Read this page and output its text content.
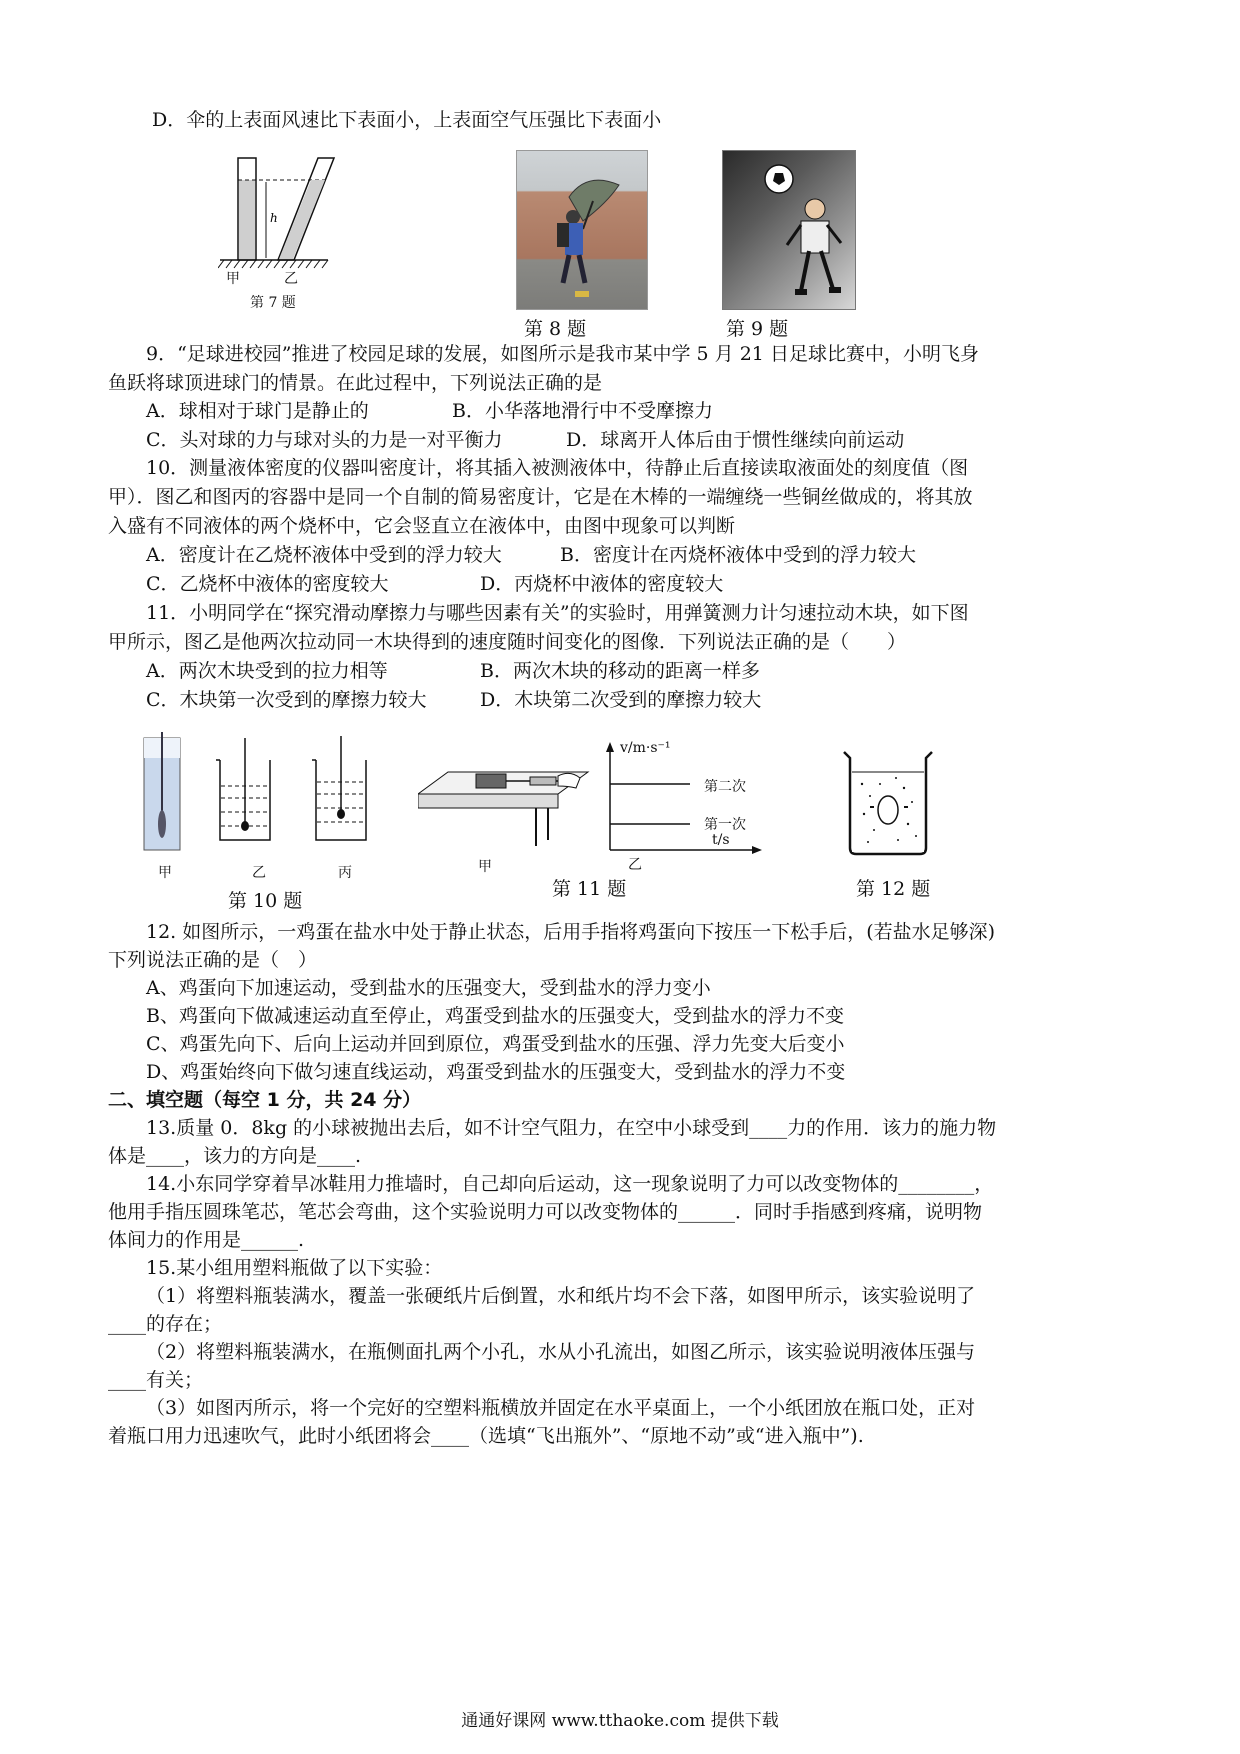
D．伞的上表面风速比下表面小，上表面空气压强比下表面小
h
甲	乙
第 7 题
第 8 题	第 9 题
9．“足球进校园”推进了校园足球的发展，如图所示是我市某中学 5 月 21 日足球比赛中，小明飞身
鱼跃将球顶进球门的情景。在此过程中，下列说法正确的是
A．球相对于球门是静止的	B．小华落地滑行中不受摩擦力
C．头对球的力与球对头的力是一对平衡力	D．球离开人体后由于惯性继续向前运动
10．测量液体密度的仪器叫密度计，将其插入被测液体中，待静止后直接读取液面处的刻度值（图
甲）．图乙和图丙的容器中是同一个自制的简易密度计，它是在木棒的一端缠绕一些铜丝做成的，将其放
入盛有不同液体的两个烧杯中，它会竖直立在液体中，由图中现象可以判断
A．密度计在乙烧杯液体中受到的浮力较大	B．密度计在丙烧杯液体中受到的浮力较大
C．乙烧杯中液体的密度较大	D．丙烧杯中液体的密度较大
11．小明同学在“探究滑动摩擦力与哪些因素有关”的实验时，用弹簧测力计匀速拉动木块，如下图
甲所示，图乙是他两次拉动同一木块得到的速度随时间变化的图像．下列说法正确的是（　　）
A．两次木块受到的拉力相等	B．两次木块的移动的距离一样多
C．木块第一次受到的摩擦力较大	D．木块第二次受到的摩擦力较大
甲	乙	丙
第 10 题
甲
v/m·s⁻¹
第二次
第一次
t/s
乙
第 11 题	第 12 题
12. 如图所示，一鸡蛋在盐水中处于静止状态，后用手指将鸡蛋向下按压一下松手后，(若盐水足够深)
下列说法正确的是（　）
A、鸡蛋向下加速运动，受到盐水的压强变大，受到盐水的浮力变小
B、鸡蛋向下做减速运动直至停止，鸡蛋受到盐水的压强变大，受到盐水的浮力不变
C、鸡蛋先向下、后向上运动并回到原位，鸡蛋受到盐水的压强、浮力先变大后变小
D、鸡蛋始终向下做匀速直线运动，鸡蛋受到盐水的压强变大，受到盐水的浮力不变
二、填空题（每空 1 分，共 24 分）
13.质量 0．8kg 的小球被抛出去后，如不计空气阻力，在空中小球受到____力的作用．该力的施力物
体是____，该力的方向是____.
14.小东同学穿着旱冰鞋用力推墙时，自己却向后运动，这一现象说明了力可以改变物体的________，
他用手指压圆珠笔芯，笔芯会弯曲，这个实验说明力可以改变物体的______．同时手指感到疼痛，说明物
体间力的作用是______.
15.某小组用塑料瓶做了以下实验：
（1）将塑料瓶装满水，覆盖一张硬纸片后倒置，水和纸片均不会下落，如图甲所示，该实验说明了
____的存在；
（2）将塑料瓶装满水，在瓶侧面扎两个小孔，水从小孔流出，如图乙所示，该实验说明液体压强与
____有关；
（3）如图丙所示，将一个完好的空塑料瓶横放并固定在水平桌面上，一个小纸团放在瓶口处，正对
着瓶口用力迅速吹气，此时小纸团将会____（选填“飞出瓶外”、“原地不动”或“进入瓶中”).
通通好课网 www.tthaoke.com 提供下载
